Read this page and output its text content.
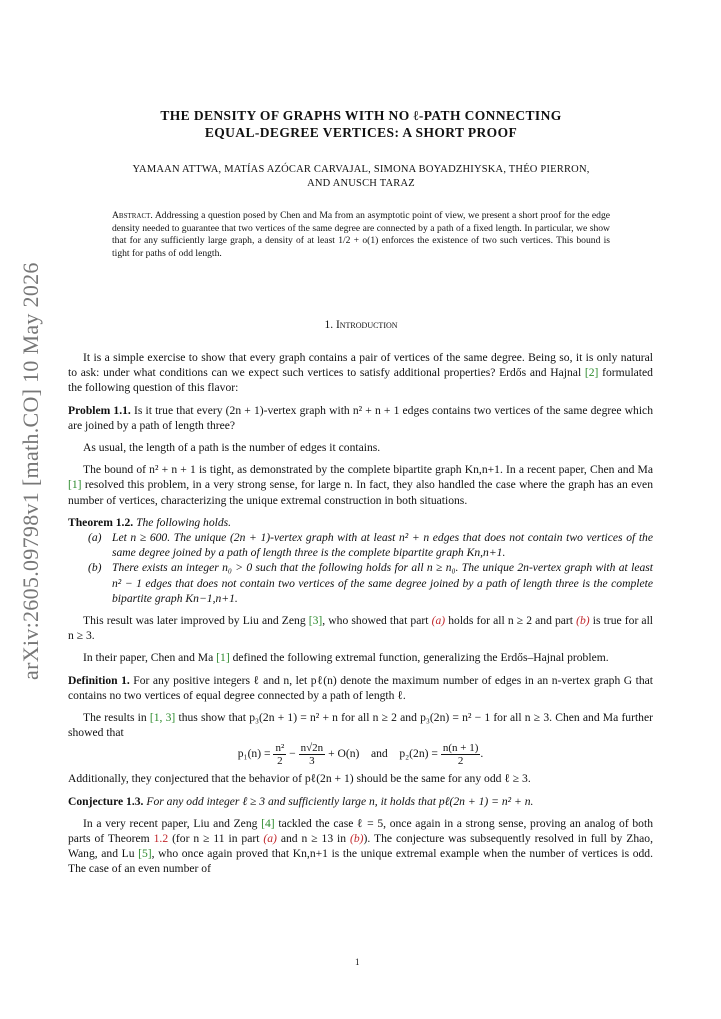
arXiv:2605.09798v1 [math.CO] 10 May 2026
THE DENSITY OF GRAPHS WITH NO ℓ-PATH CONNECTING
EQUAL-DEGREE VERTICES: A SHORT PROOF
YAMAAN ATTWA, MATÍAS AZÓCAR CARVAJAL, SIMONA BOYADZHIYSKA, THÉO PIERRON,
AND ANUSCH TARAZ
Abstract. Addressing a question posed by Chen and Ma from an asymptotic point of view, we present a short proof for the edge density needed to guarantee that two vertices of the same degree are connected by a path of a fixed length. In particular, we show that for any sufficiently large graph, a density of at least 1/2 + o(1) enforces the existence of two such vertices. This bound is tight for paths of odd length.
1. Introduction

It is a simple exercise to show that every graph contains a pair of vertices of the same degree. Being so, it is only natural to ask: under what conditions can we expect such vertices to satisfy additional properties? Erdős and Hajnal [2] formulated the following question of this flavor:

Problem 1.1. Is it true that every (2n + 1)-vertex graph with n² + n + 1 edges contains two vertices of the same degree which are joined by a path of length three?

As usual, the length of a path is the number of edges it contains.

The bound of n² + n + 1 is tight, as demonstrated by the complete bipartite graph Kn,n+1. In a recent paper, Chen and Ma [1] resolved this problem, in a very strong sense, for large n. In fact, they also handled the case where the graph has an even number of vertices, characterizing the unique extremal construction in both situations.

Theorem 1.2. The following holds.
(a) Let n ≥ 600. The unique (2n + 1)-vertex graph with at least n² + n edges that does not contain two vertices of the same degree joined by a path of length three is the complete bipartite graph Kn,n+1.
(b) There exists an integer n₀ > 0 such that the following holds for all n ≥ n₀. The unique 2n-vertex graph with at least n² − 1 edges that does not contain two vertices of the same degree joined by a path of length three is the complete bipartite graph Kn−1,n+1.

This result was later improved by Liu and Zeng [3], who showed that part (a) holds for all n ≥ 2 and part (b) is true for all n ≥ 3.

In their paper, Chen and Ma [1] defined the following extremal function, generalizing the Erdős–Hajnal problem.

Definition 1. For any positive integers ℓ and n, let pℓ(n) denote the maximum number of edges in an n-vertex graph G that contains no two vertices of equal degree connected by a path of length ℓ.

The results in [1, 3] thus show that p₃(2n + 1) = n² + n for all n ≥ 2 and p₃(2n) = n² − 1 for all n ≥ 3. Chen and Ma further showed that

$p_1(n) = \frac{\text{n²}}{2} - \frac{n√2n}{3} + O(n)$    and    $p_2(2n) = \frac{n(n + 1)}{2}$ .

Additionally, they conjectured that the behavior of pℓ(2n + 1) should be the same for any odd ℓ ≥ 3.

Conjecture 1.3. For any odd integer ℓ ≥ 3 and sufficiently large n, it holds that pℓ(2n + 1) = n² + n.

In a very recent paper, Liu and Zeng [4] tackled the case ℓ = 5, once again in a strong sense, proving an analog of both parts of Theorem 1.2 (for n ≥ 11 in part (a) and n ≥ 13 in (b)). The conjecture was subsequently resolved in full by Zhao, Wang, and Lu [5], who once again proved that Kn,n+1 is the unique extremal example when the number of vertices is odd. The case of an even number of

1
